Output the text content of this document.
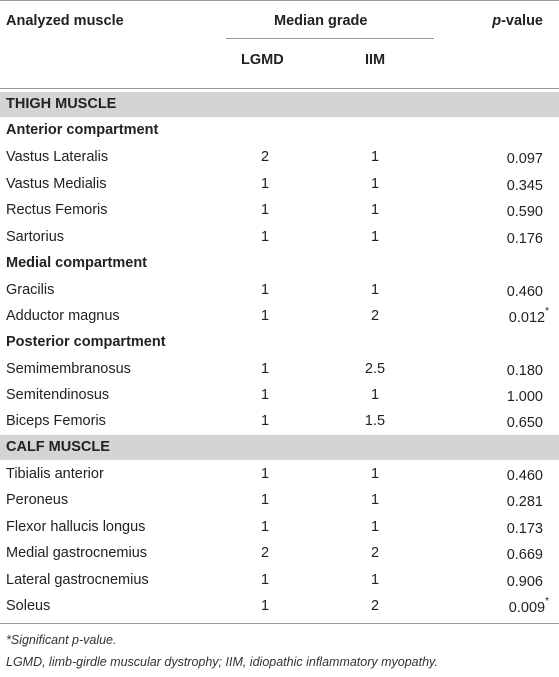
Analyzed muscle	Median grade	p-value
LGMD	IIM
THIGH MUSCLE
Anterior compartment
Vastus Lateralis	2	1	0.097
Vastus Medialis	1	1	0.345
Rectus Femoris	1	1	0.590
Sartorius	1	1	0.176
Medial compartment
Gracilis	1	1	0.460
Adductor magnus	1	2	0.012*
Posterior compartment
Semimembranosus	1	2.5	0.180
Semitendinosus	1	1	1.000
Biceps Femoris	1	1.5	0.650
CALF MUSCLE
Tibialis anterior	1	1	0.460
Peroneus	1	1	0.281
Flexor hallucis longus	1	1	0.173
Medial gastrocnemius	2	2	0.669
Lateral gastrocnemius	1	1	0.906
Soleus	1	2	0.009*
*Significant p-value.
LGMD, limb-girdle muscular dystrophy; IIM, idiopathic inflammatory myopathy.
